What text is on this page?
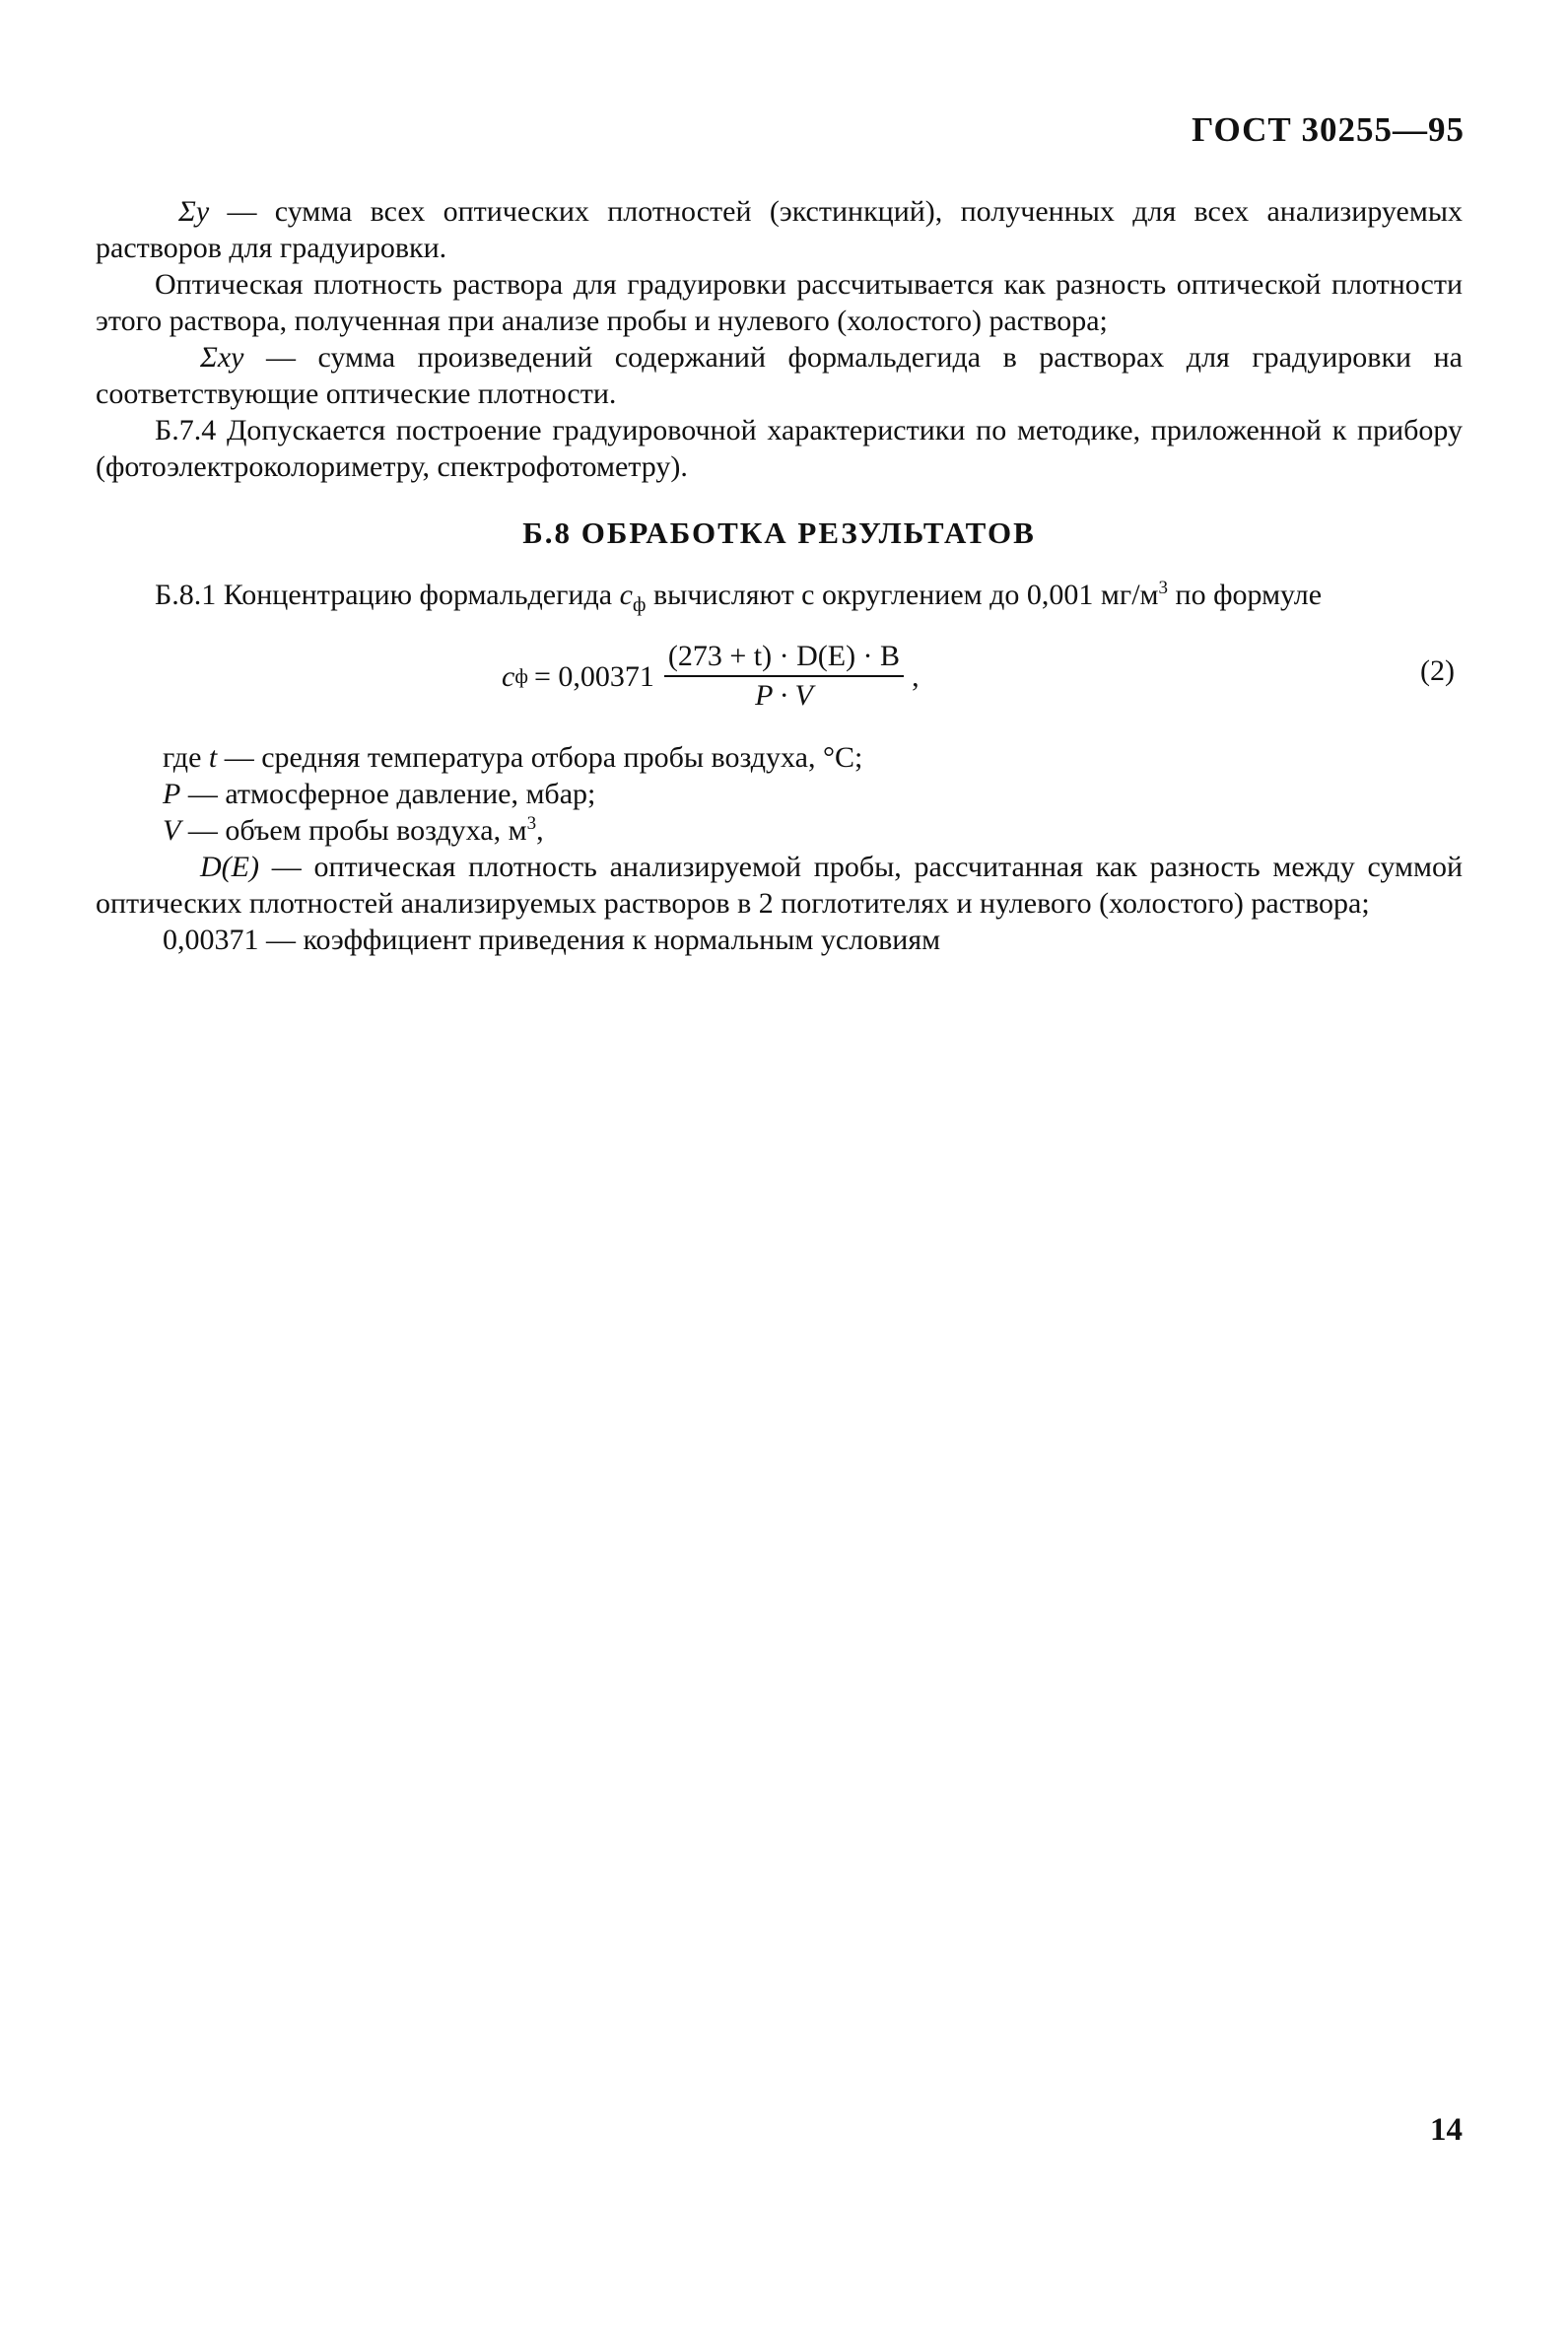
ГОСТ 30255—95

Σy — сумма всех оптических плотностей (экстинкций), полученных для всех анализируемых растворов для градуировки.

Оптическая плотность раствора для градуировки рассчитывается как разность оптической плотности этого раствора, полученная при анализе пробы и нулевого (холостого) раствора;

Σxy — сумма произведений содержаний формальдегида в растворах для градуировки на соответствующие оптические плотности.

Б.7.4 Допускается построение градуировочной характеристики по методике, приложенной к прибору (фотоэлектроколориметру, спектрофотометру).

Б.8 ОБРАБОТКА РЕЗУЛЬТАТОВ

Б.8.1 Концентрацию формальдегида $c_ф$ вычисляют с округлением до 0,001 $мг/м^3$ по формуле

c $ф = 0,00371 \frac{(273 + t) \cdot D(E) \cdot B}{P \cdot V}$ ,	(2)

где t — средняя температура отбора пробы воздуха, °С;

P — атмосферное давление, мбар;

V — объем пробы воздуха, $м^3$,

D(E) — оптическая плотность анализируемой пробы, рассчитанная как разность между суммой оптических плотностей анализируемых растворов в 2 поглотителях и нулевого (холостого) раствора;

0,00371 — коэффициент приведения к нормальным условиям

14
